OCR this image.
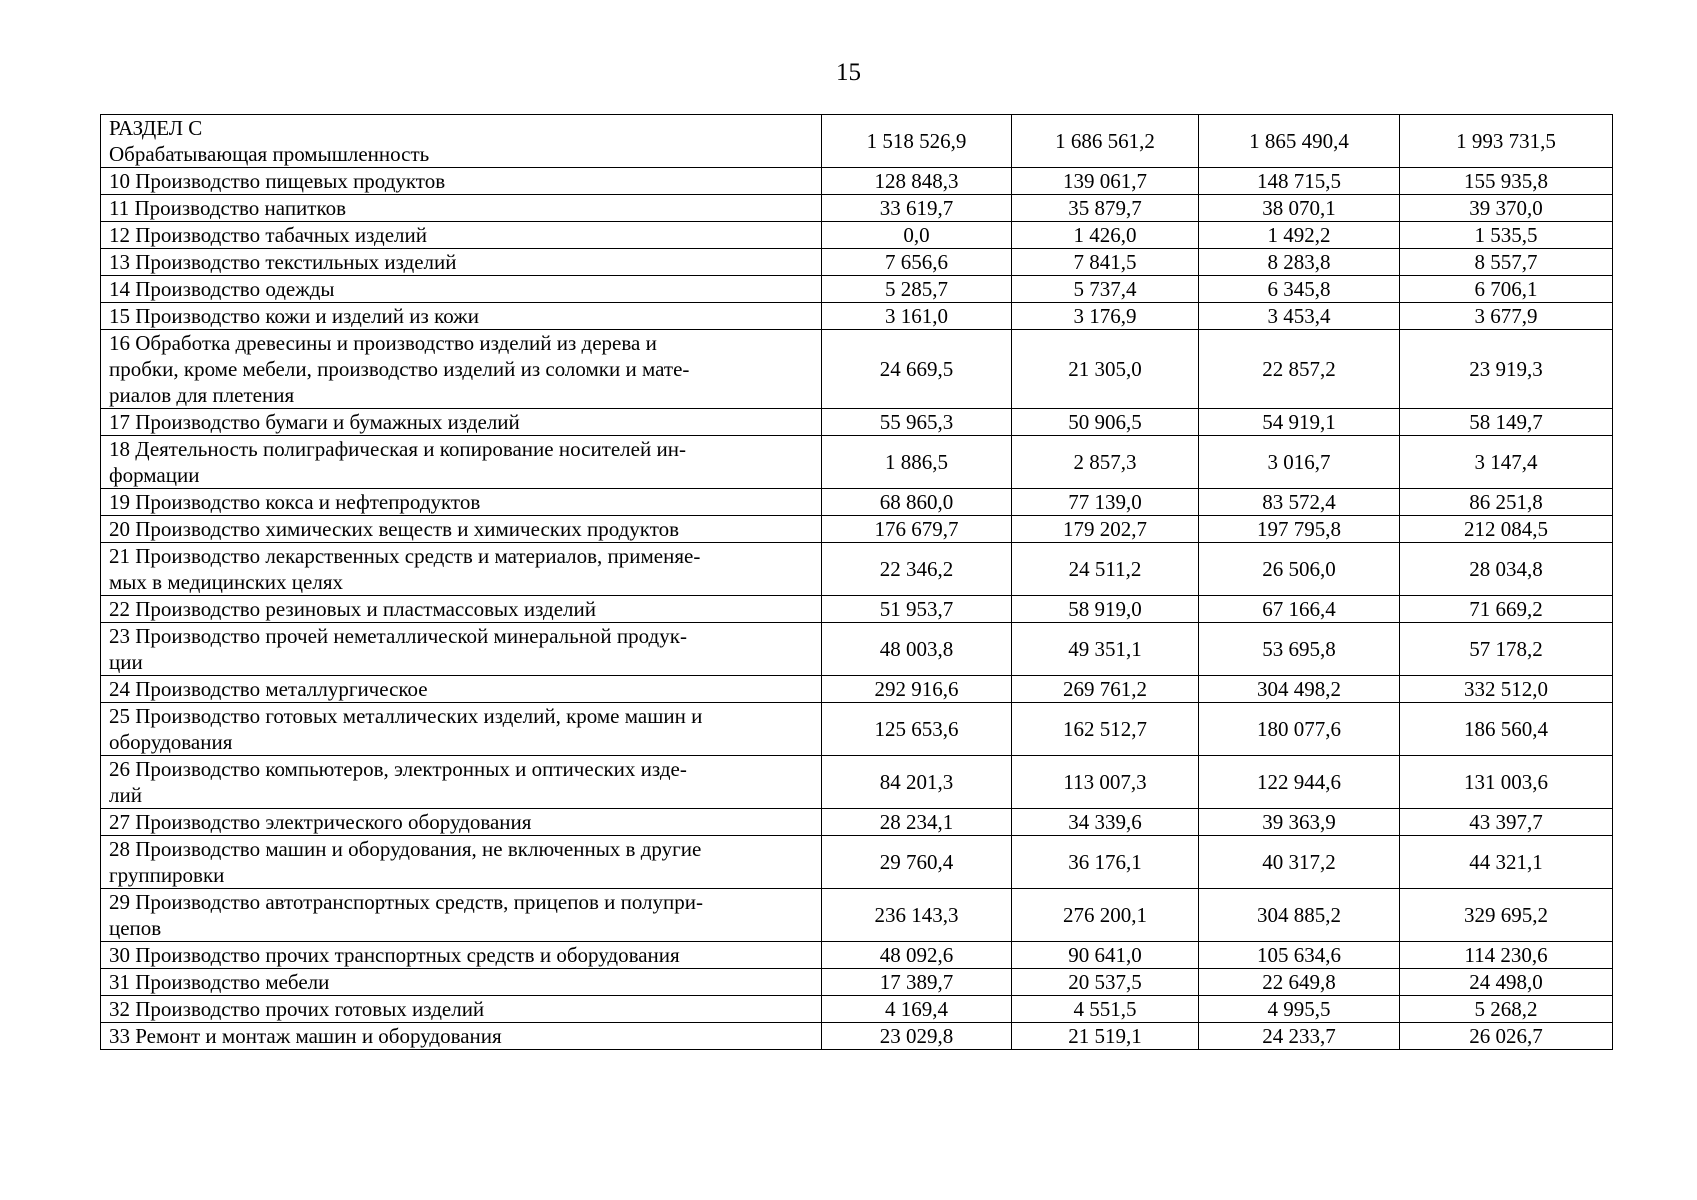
15
РАЗДЕЛ С
Обрабатывающая промышленность	1 518 526,9	1 686 561,2	1 865 490,4	1 993 731,5

10 Производство пищевых продуктов	128 848,3	139 061,7	148 715,5	155 935,8

11 Производство напитков	33 619,7	35 879,7	38 070,1	39 370,0

12 Производство табачных изделий	0,0	1 426,0	1 492,2	1 535,5

13 Производство текстильных изделий	7 656,6	7 841,5	8 283,8	8 557,7

14 Производство одежды	5 285,7	5 737,4	6 345,8	6 706,1

15 Производство кожи и изделий из кожи	3 161,0	3 176,9	3 453,4	3 677,9

16 Обработка древесины и производство изделий из дерева и
пробки, кроме мебели, производство изделий из соломки и мате-
риалов для плетения	24 669,5	21 305,0	22 857,2	23 919,3

17 Производство бумаги и бумажных изделий	55 965,3	50 906,5	54 919,1	58 149,7

18 Деятельность полиграфическая и копирование носителей ин-
формации	1 886,5	2 857,3	3 016,7	3 147,4

19 Производство кокса и нефтепродуктов	68 860,0	77 139,0	83 572,4	86 251,8

20 Производство химических веществ и химических продуктов	176 679,7	179 202,7	197 795,8	212 084,5

21 Производство лекарственных средств и материалов, применяе-
мых в медицинских целях	22 346,2	24 511,2	26 506,0	28 034,8

22 Производство резиновых и пластмассовых изделий	51 953,7	58 919,0	67 166,4	71 669,2

23 Производство прочей неметаллической минеральной продук-
ции	48 003,8	49 351,1	53 695,8	57 178,2

24 Производство металлургическое	292 916,6	269 761,2	304 498,2	332 512,0

25 Производство готовых металлических изделий, кроме машин и
оборудования	125 653,6	162 512,7	180 077,6	186 560,4

26 Производство компьютеров, электронных и оптических изде-
лий	84 201,3	113 007,3	122 944,6	131 003,6

27 Производство электрического оборудования	28 234,1	34 339,6	39 363,9	43 397,7

28 Производство машин и оборудования, не включенных в другие
группировки	29 760,4	36 176,1	40 317,2	44 321,1

29 Производство автотранспортных средств, прицепов и полупри-
цепов	236 143,3	276 200,1	304 885,2	329 695,2

30 Производство прочих транспортных средств и оборудования	48 092,6	90 641,0	105 634,6	114 230,6

31 Производство мебели	17 389,7	20 537,5	22 649,8	24 498,0

32 Производство прочих готовых изделий	4 169,4	4 551,5	4 995,5	5 268,2

33 Ремонт и монтаж машин и оборудования	23 029,8	21 519,1	24 233,7	26 026,7
